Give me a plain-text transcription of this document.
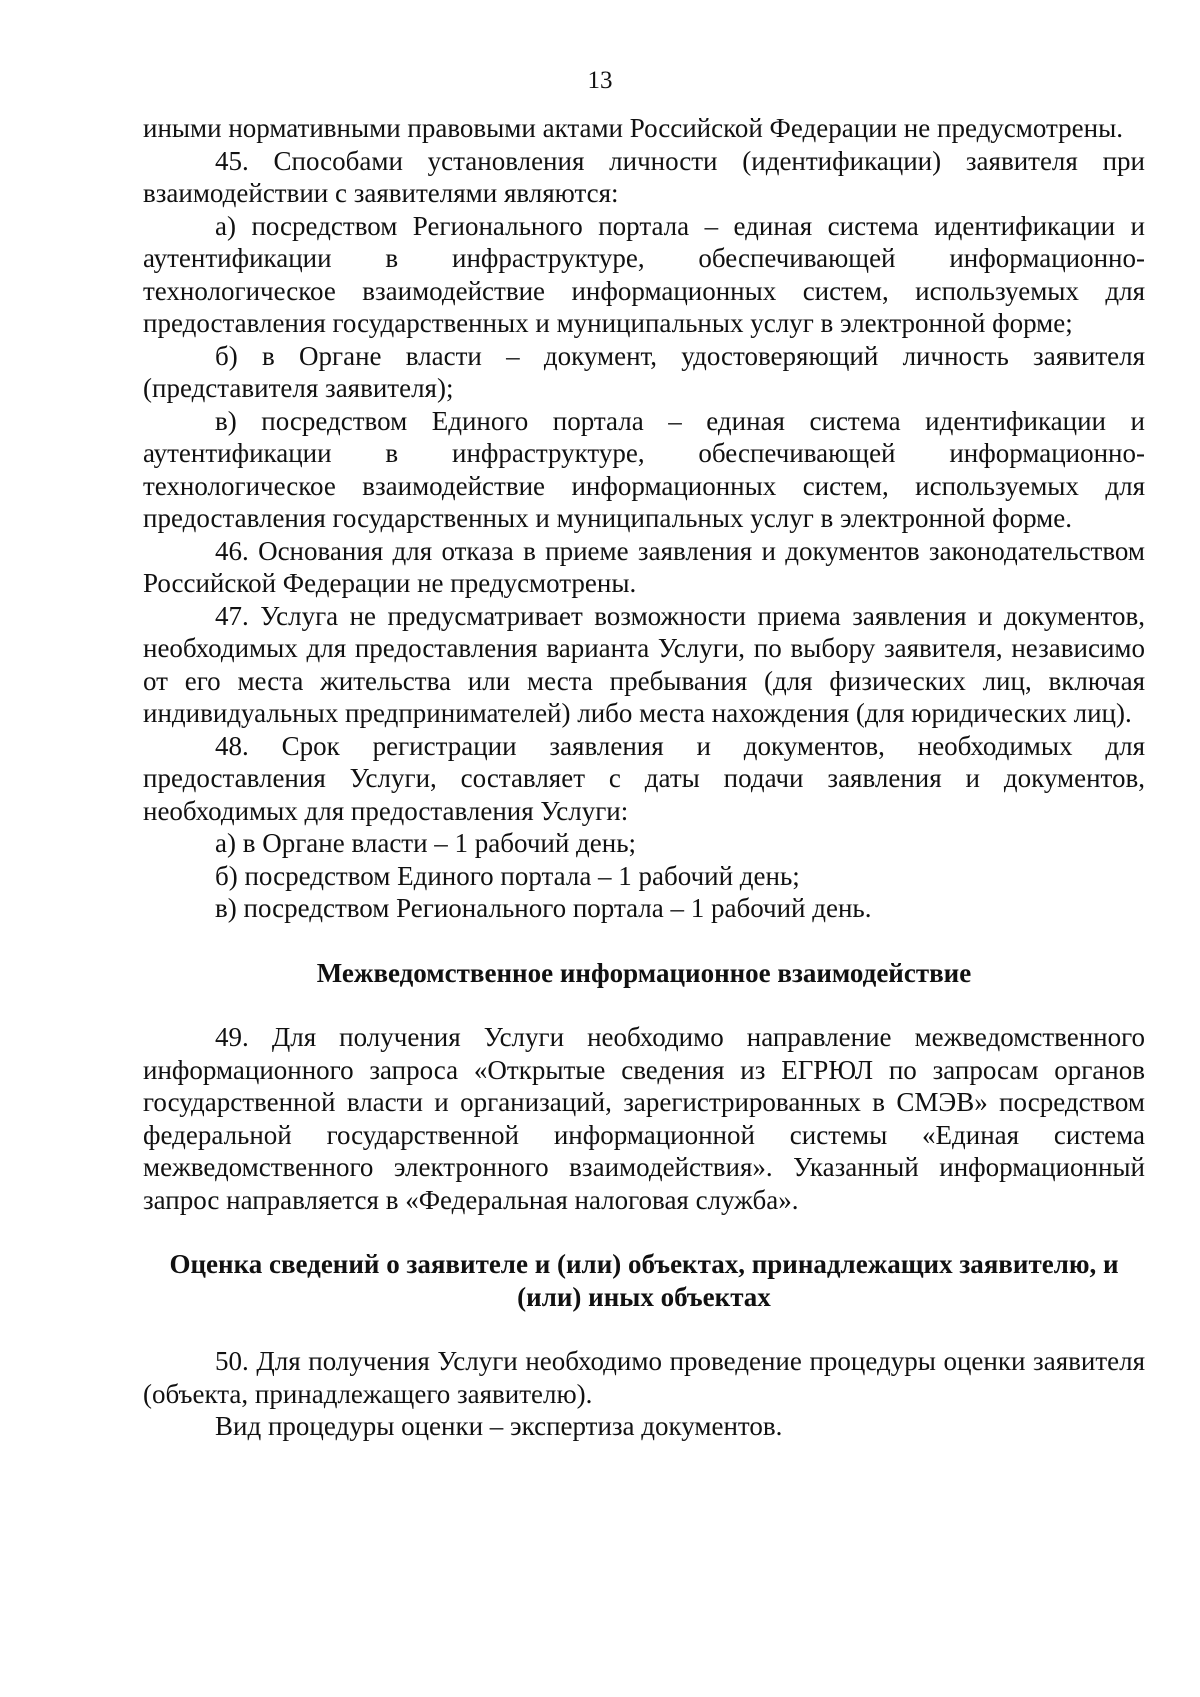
13

иными нормативными правовыми актами Российской Федерации не предусмотрены.

45. Способами установления личности (идентификации) заявителя при взаимодействии с заявителями являются:

а) посредством Регионального портала – единая система идентификации и аутентификации в инфраструктуре, обеспечивающей информационно-технологическое взаимодействие информационных систем, используемых для предоставления государственных и муниципальных услуг в электронной форме;

б) в Органе власти – документ, удостоверяющий личность заявителя (представителя заявителя);

в) посредством Единого портала – единая система идентификации и аутентификации в инфраструктуре, обеспечивающей информационно-технологическое взаимодействие информационных систем, используемых для предоставления государственных и муниципальных услуг в электронной форме.

46. Основания для отказа в приеме заявления и документов законодательством Российской Федерации не предусмотрены.

47. Услуга не предусматривает возможности приема заявления и документов, необходимых для предоставления варианта Услуги, по выбору заявителя, независимо от его места жительства или места пребывания (для физических лиц, включая индивидуальных предпринимателей) либо места нахождения (для юридических лиц).

48. Срок регистрации заявления и документов, необходимых для предоставления Услуги, составляет с даты подачи заявления и документов, необходимых для предоставления Услуги:

а) в Органе власти – 1 рабочий день;

б) посредством Единого портала – 1 рабочий день;

в) посредством Регионального портала – 1 рабочий день.

Межведомственное информационное взаимодействие

49. Для получения Услуги необходимо направление межведомственного информационного запроса «Открытые сведения из ЕГРЮЛ по запросам органов государственной власти и организаций, зарегистрированных в СМЭВ» посредством федеральной государственной информационной системы «Единая система межведомственного электронного взаимодействия». Указанный информационный запрос направляется в «Федеральная налоговая служба».

Оценка сведений о заявителе и (или) объектах, принадлежащих заявителю, и
(или) иных объектах

50. Для получения Услуги необходимо проведение процедуры оценки заявителя (объекта, принадлежащего заявителю).

Вид процедуры оценки – экспертиза документов.
